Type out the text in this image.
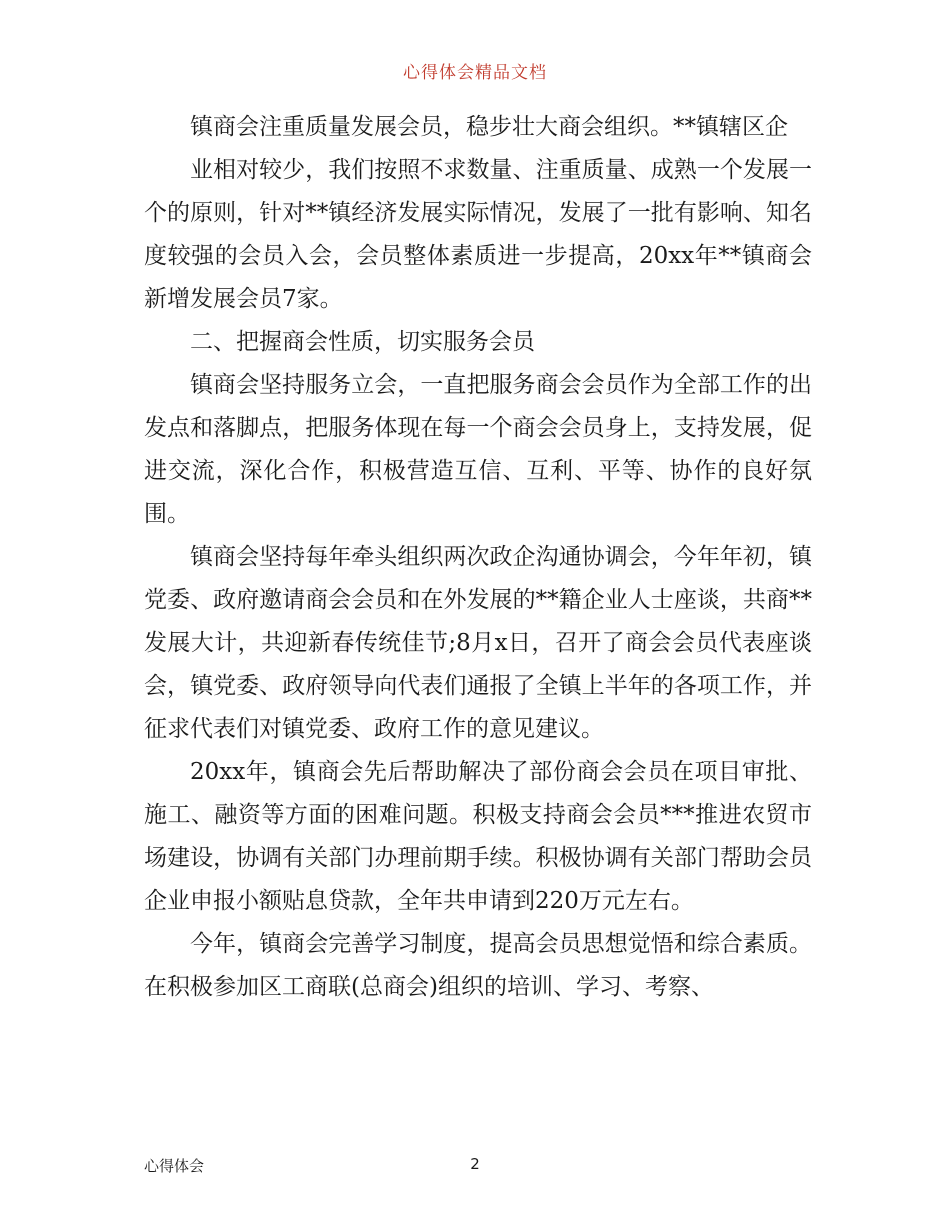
心得体会精品文档

镇商会注重质量发展会员，稳步壮大商会组织。**镇辖区企

业相对较少，我们按照不求数量、注重质量、成熟一个发展一个的原则，针对**镇经济发展实际情况，发展了一批有影响、知名度较强的会员入会，会员整体素质进一步提高，20xx年**镇商会新增发展会员7家。

二、把握商会性质，切实服务会员

镇商会坚持服务立会，一直把服务商会会员作为全部工作的出发点和落脚点，把服务体现在每一个商会会员身上，支持发展，促进交流，深化合作，积极营造互信、互利、平等、协作的良好氛围。

镇商会坚持每年牵头组织两次政企沟通协调会，今年年初，镇党委、政府邀请商会会员和在外发展的**籍企业人士座谈，共商**发展大计，共迎新春传统佳节;8月x日，召开了商会会员代表座谈会，镇党委、政府领导向代表们通报了全镇上半年的各项工作，并征求代表们对镇党委、政府工作的意见建议。

20xx年，镇商会先后帮助解决了部份商会会员在项目审批、施工、融资等方面的困难问题。积极支持商会会员***推进农贸市场建设，协调有关部门办理前期手续。积极协调有关部门帮助会员企业申报小额贴息贷款，全年共申请到220万元左右。

今年，镇商会完善学习制度，提高会员思想觉悟和综合素质。在积极参加区工商联(总商会)组织的培训、学习、考察、

心得体会	2
